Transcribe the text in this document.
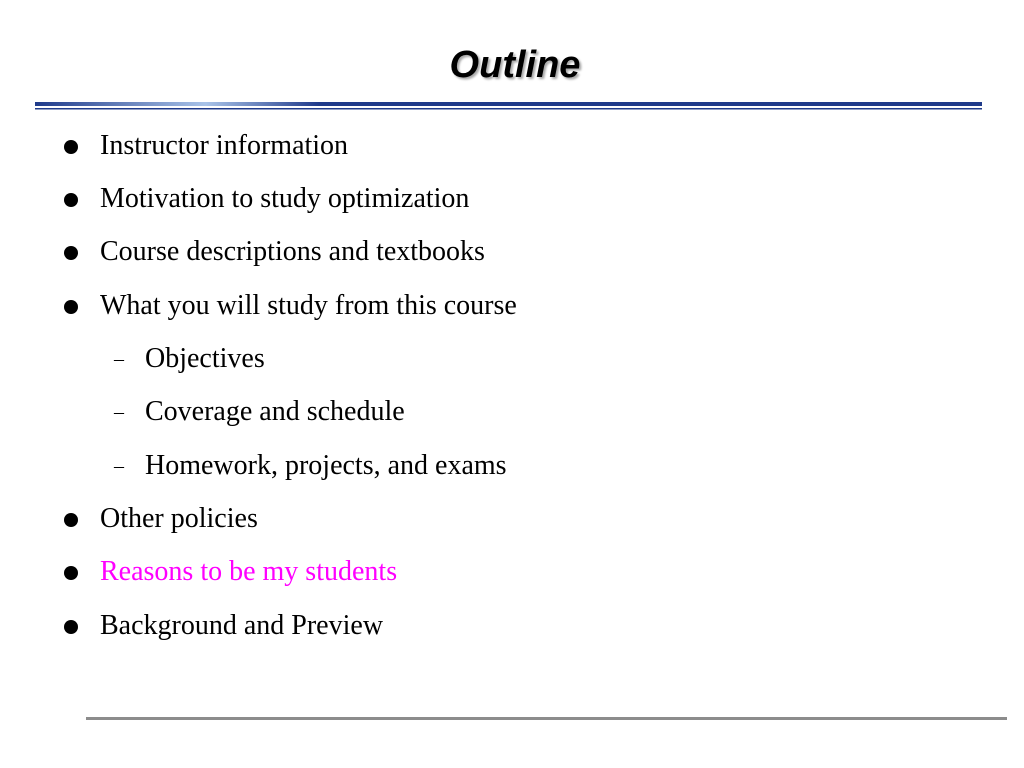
Outline
Instructor information
Motivation to study optimization
Course descriptions and textbooks
What you will study from this course
– Objectives
– Coverage and schedule
– Homework, projects, and exams
Other policies
Reasons to be my students
Background and Preview
